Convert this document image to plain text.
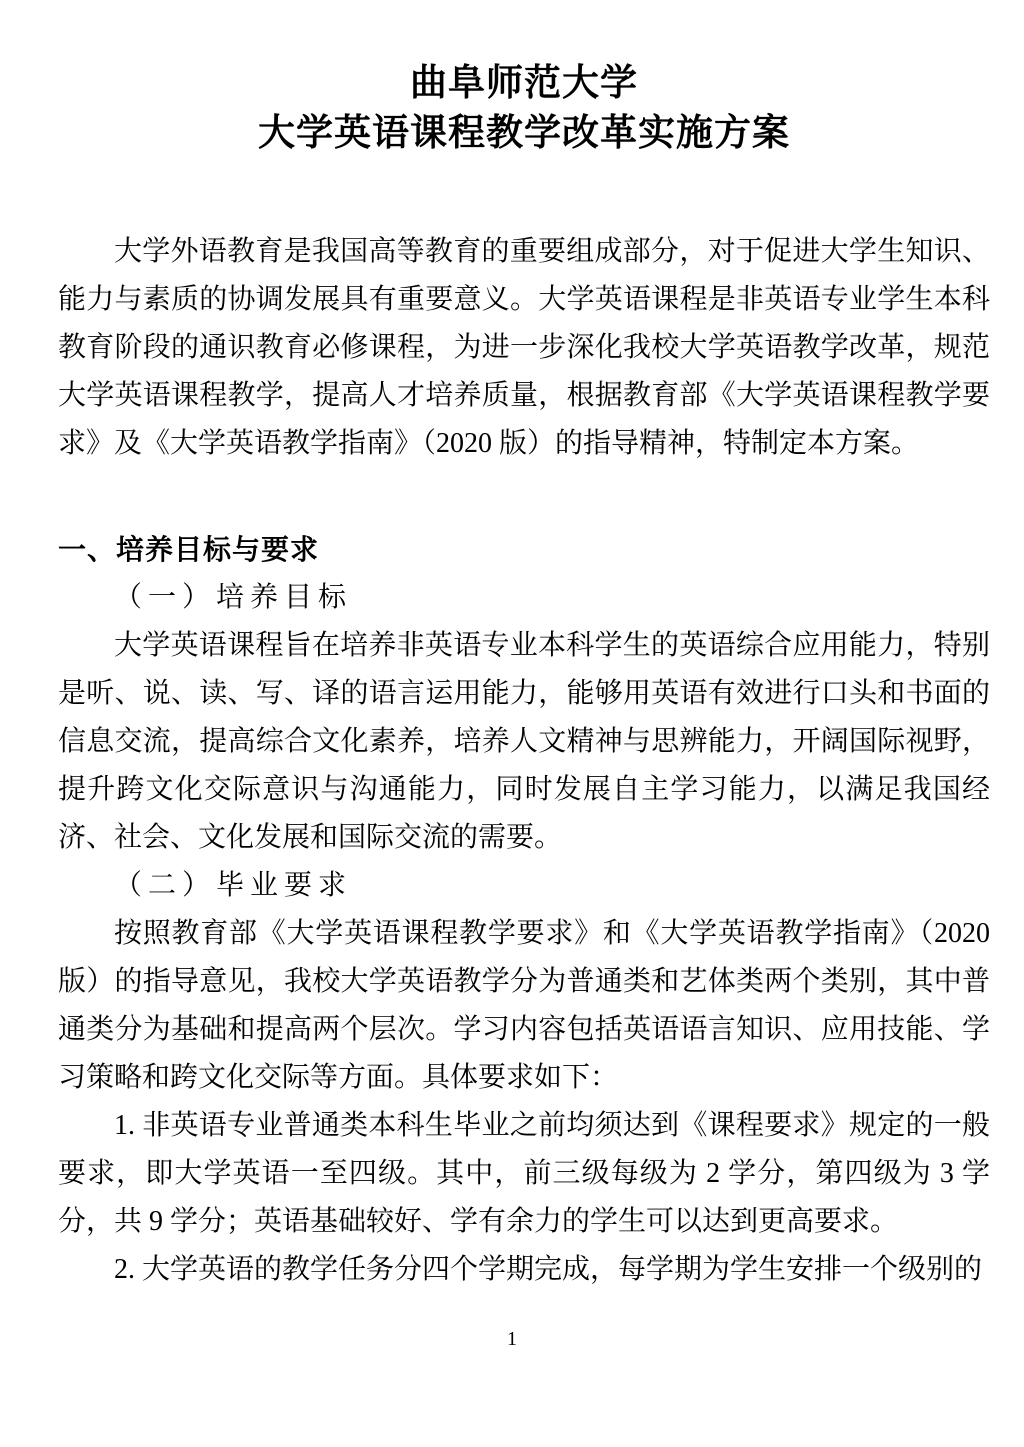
曲阜师范大学
大学英语课程教学改革实施方案

大学外语教育是我国高等教育的重要组成部分，对于促进大学生知识、能力与素质的协调发展具有重要意义。大学英语课程是非英语专业学生本科教育阶段的通识教育必修课程，为进一步深化我校大学英语教学改革，规范大学英语课程教学，提高人才培养质量，根据教育部《大学英语课程教学要求》及《大学英语教学指南》（2020 版）的指导精神，特制定本方案。

一、培养目标与要求
（一）培养目标

大学英语课程旨在培养非英语专业本科学生的英语综合应用能力，特别是听、说、读、写、译的语言运用能力，能够用英语有效进行口头和书面的信息交流，提高综合文化素养，培养人文精神与思辨能力，开阔国际视野，提升跨文化交际意识与沟通能力，同时发展自主学习能力，以满足我国经济、社会、文化发展和国际交流的需要。

（二）毕业要求

按照教育部《大学英语课程教学要求》和《大学英语教学指南》（2020 版）的指导意见，我校大学英语教学分为普通类和艺体类两个类别，其中普通类分为基础和提高两个层次。学习内容包括英语语言知识、应用技能、学习策略和跨文化交际等方面。具体要求如下：

1. 非英语专业普通类本科生毕业之前均须达到《课程要求》规定的一般要求，即大学英语一至四级。其中，前三级每级为 2 学分，第四级为 3 学分，共 9 学分；英语基础较好、学有余力的学生可以达到更高要求。

2. 大学英语的教学任务分四个学期完成，每学期为学生安排一个级别的

1
